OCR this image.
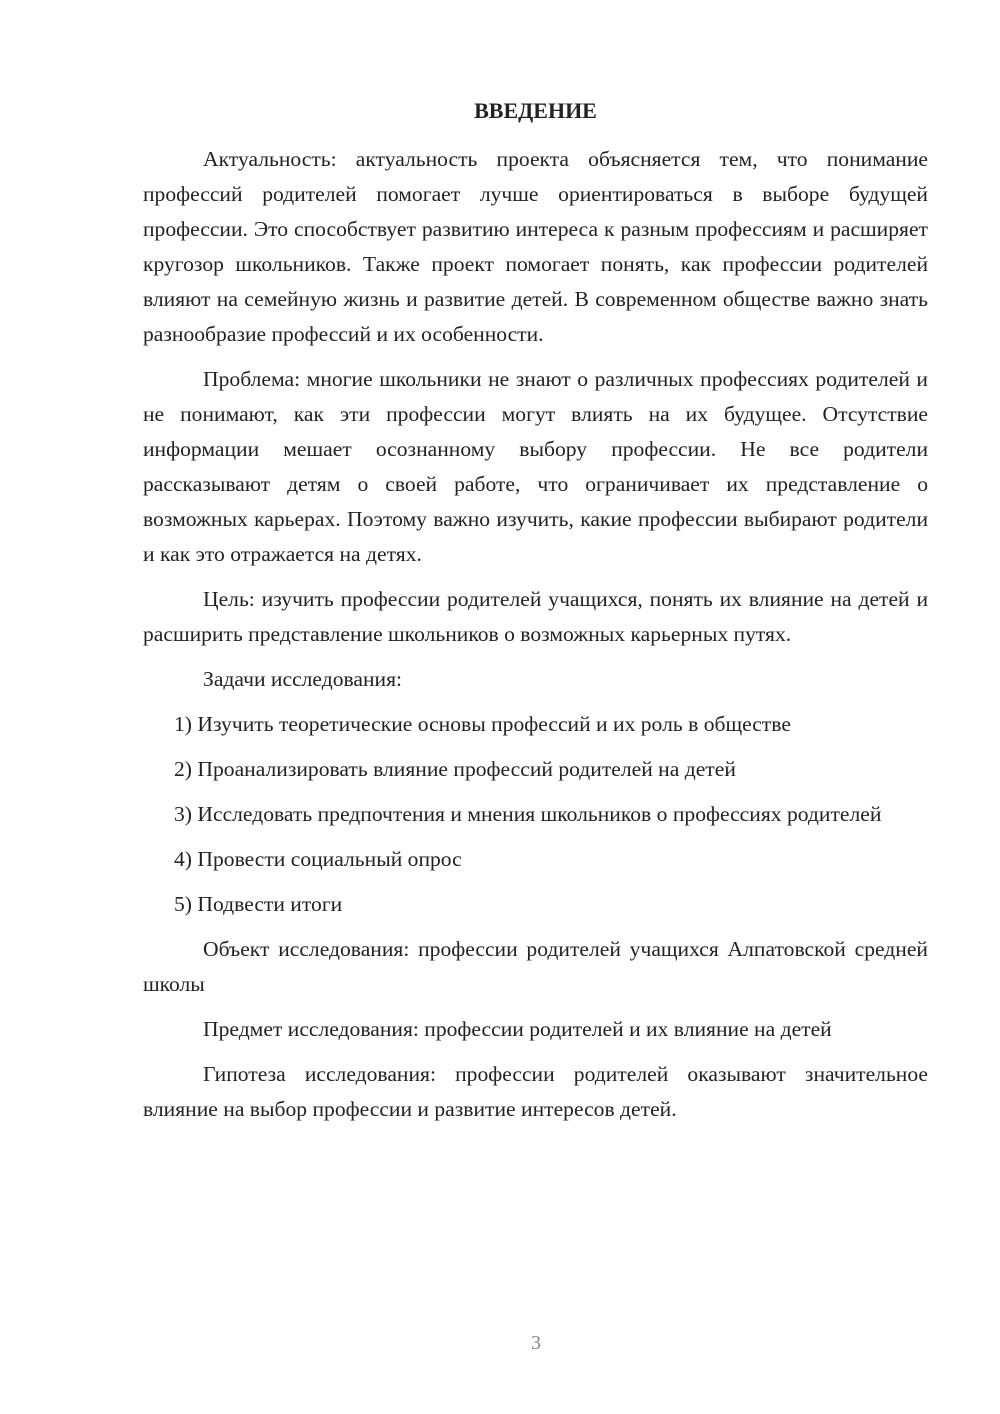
ВВЕДЕНИЕ

Актуальность: актуальность проекта объясняется тем, что понимание профессий родителей помогает лучше ориентироваться в выборе будущей профессии. Это способствует развитию интереса к разным профессиям и расширяет кругозор школьников. Также проект помогает понять, как профессии родителей влияют на семейную жизнь и развитие детей. В современном обществе важно знать разнообразие профессий и их особенности.

Проблема: многие школьники не знают о различных профессиях родителей и не понимают, как эти профессии могут влиять на их будущее. Отсутствие информации мешает осознанному выбору профессии. Не все родители рассказывают детям о своей работе, что ограничивает их представление о возможных карьерах. Поэтому важно изучить, какие профессии выбирают родители и как это отражается на детях.

Цель: изучить профессии родителей учащихся, понять их влияние на детей и расширить представление школьников о возможных карьерных путях.

Задачи исследования:

1) Изучить теоретические основы профессий и их роль в обществе

2) Проанализировать влияние профессий родителей на детей

3) Исследовать предпочтения и мнения школьников о профессиях родителей

4) Провести социальный опрос

5) Подвести итоги

Объект исследования: профессии родителей учащихся Алпатовской средней школы

Предмет исследования: профессии родителей и их влияние на детей

Гипотеза исследования: профессии родителей оказывают значительное влияние на выбор профессии и развитие интересов детей.

3
